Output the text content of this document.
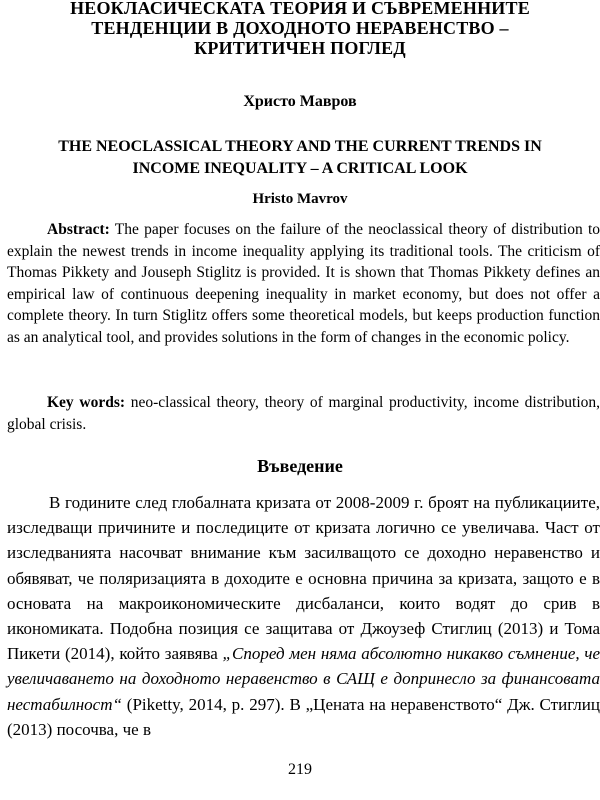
НЕОКЛАСИЧЕСКАТА ТЕОРИЯ И СЪВРЕМЕННИТЕ
ТЕНДЕНЦИИ В ДОХОДНОТО НЕРАВЕНСТВО –
КРИТИТИЧЕН ПОГЛЕД

Христо Мавров

THE NEOCLASSICAL THEORY AND THE CURRENT TRENDS IN
INCOME INEQUALITY – A CRITICAL LOOK

Hristo Mavrov

Abstract: The paper focuses on the failure of the neoclassical theory of distribution to explain the newest trends in income inequality applying its traditional tools. The criticism of Thomas Pikkety and Jouseph Stiglitz is provided. It is shown that Thomas Pikkety defines an empirical law of continuous deepening inequality in market economy, but does not offer a complete theory. In turn Stiglitz offers some theoretical models, but keeps production function as an analytical tool, and provides solutions in the form of changes in the economic policy.

Key words: neo-classical theory, theory of marginal productivity, income distribution, global crisis.

Въведение

В годините след глобалната кризата от 2008-2009 г. броят на публикациите, изследващи причините и последиците от кризата логично се увеличава. Част от изследванията насочват внимание към засилващото се доходно неравенство и обявяват, че поляризацията в доходите е основна причина за кризата, защото е в основата на макроикономическите дисбаланси, които водят до срив в икономиката. Подобна позиция се защитава от Джоузеф Стиглиц (2013) и Тома Пикети (2014), който заявява „Според мен няма абсолютно никакво съмнение, че увеличаването на доходното неравенство в САЩ е допринесло за финансовата нестабилност“ (Piketty, 2014, p. 297). В „Цената на неравенството“ Дж. Стиглиц (2013) посочва, че в

219
